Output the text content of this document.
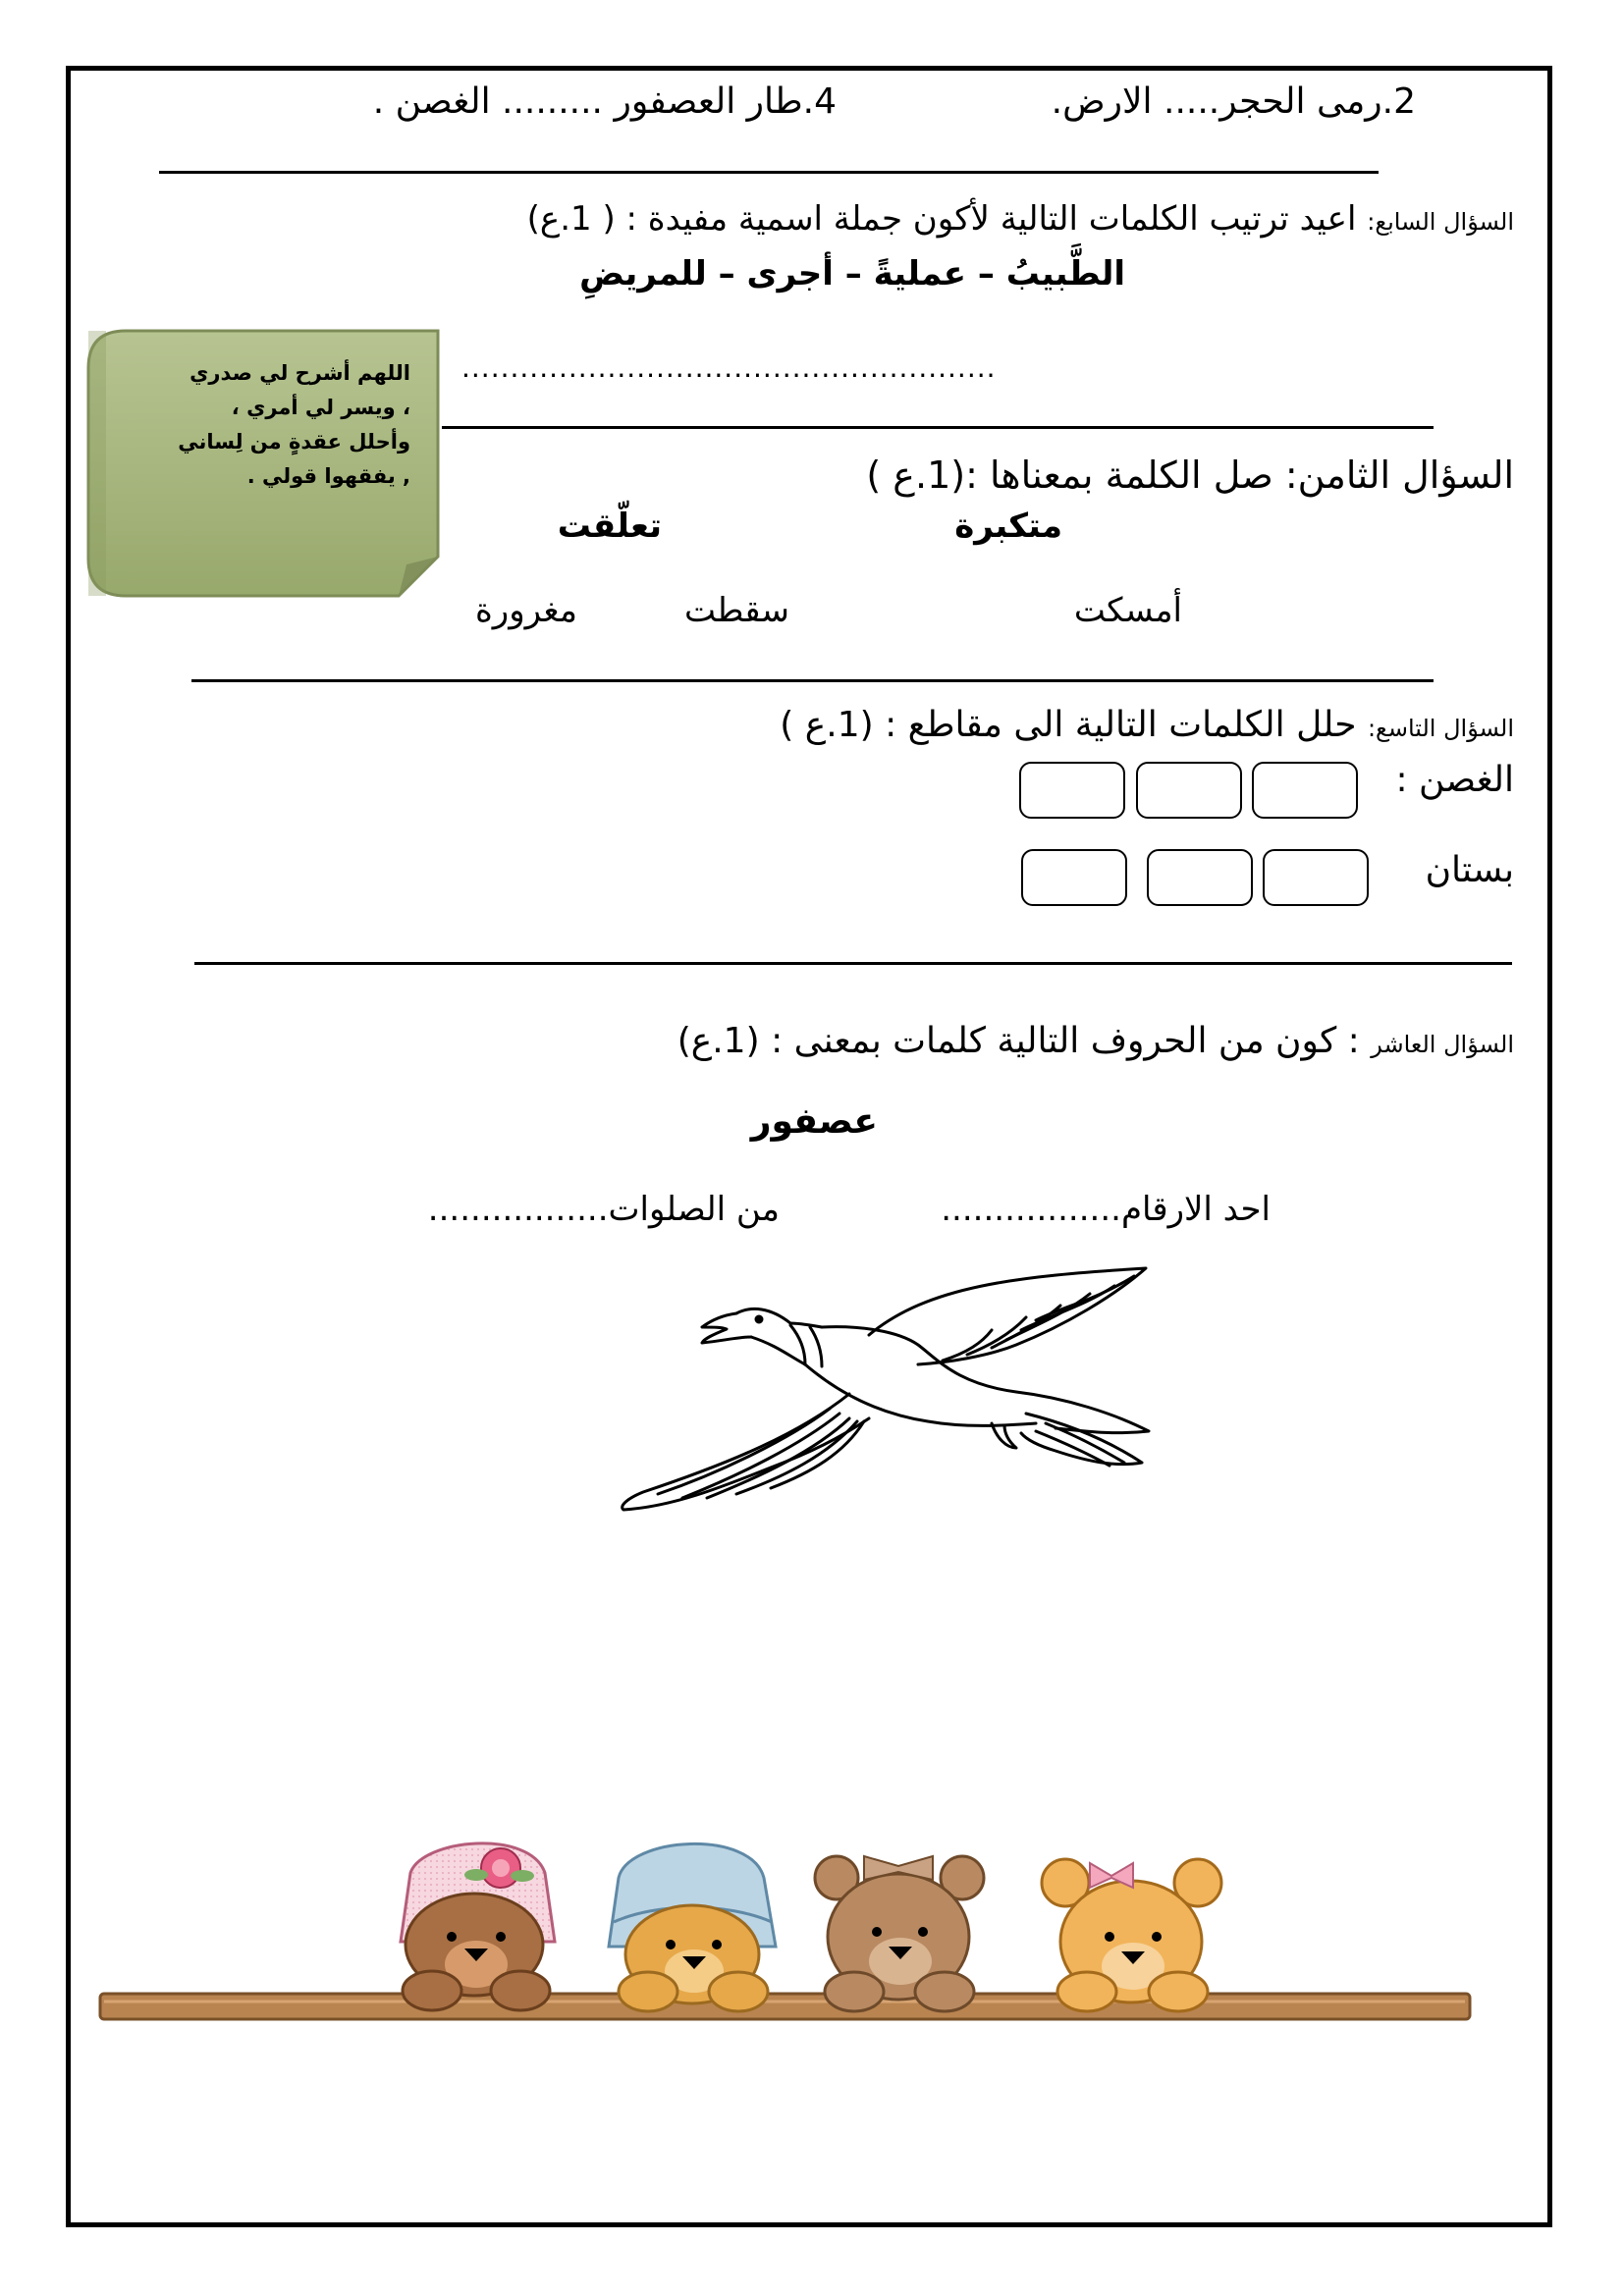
2.رمى الحجر..... الارض.
4.طار العصفور ......... الغصن .
السؤال السابع: اعيد ترتيب الكلمات التالية لأكون جملة اسمية مفيدة : ( 1.ع)
الطَّبيبُ – عمليةً – أجرى – للمريضِ
.......................................................
اللهم أشرح لي صدري
، ويسر لي أمري ،
وأحلل عقدةٍ من لِساني
, يفقهوا قولي .	السؤال الثامن: صل الكلمة بمعناها :(1.ع )
متكبرة
تعلّقت
أمسكت
سقطت
مغرورة
السؤال التاسع: حلل الكلمات التالية الى مقاطع : (1.ع )
الغصن :
بستان
السؤال العاشر : كون من الحروف التالية كلمات بمعنى : (1.ع)
عصفور
احد الارقام.................
من الصلوات.................
